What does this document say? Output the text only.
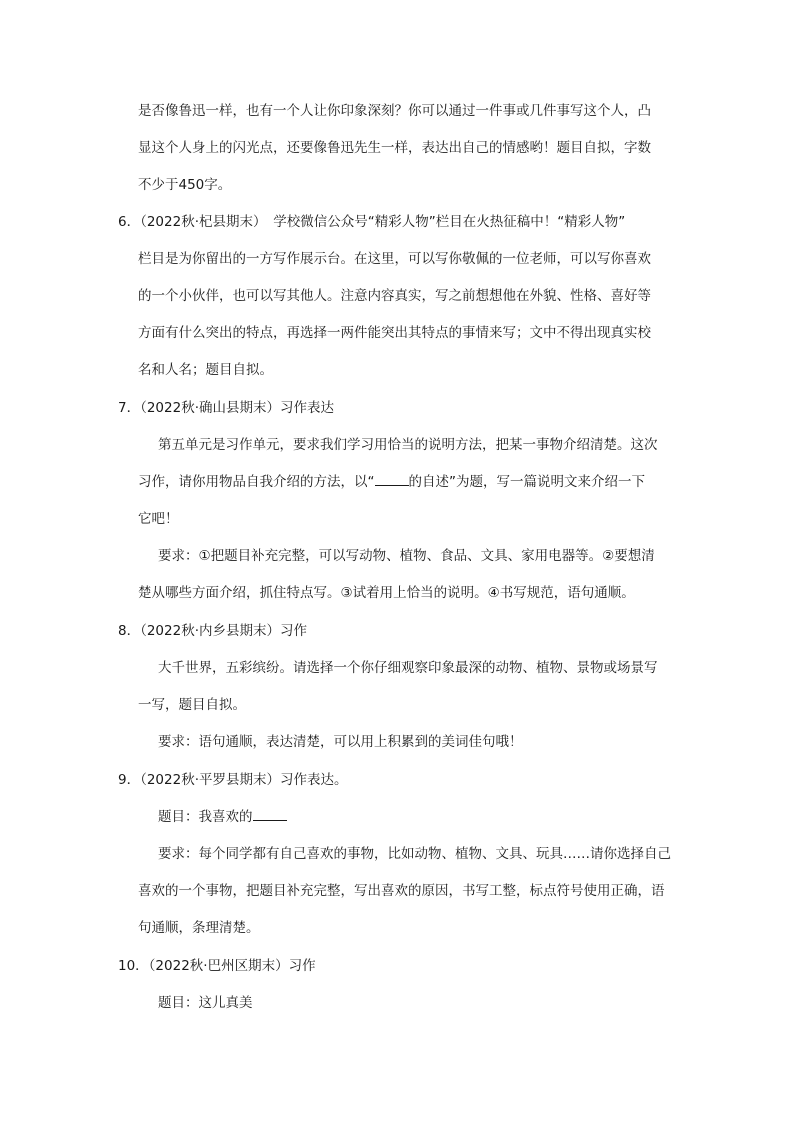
是否像鲁迅一样，也有一个人让你印象深刻？你可以通过一件事或几件事写这个人，凸
显这个人身上的闪光点，还要像鲁迅先生一样，表达出自己的情感哟！题目自拟，字数
不少于450字。
6．（2022秋·杞县期末）　学校微信公众号“精彩人物”栏目在火热征稿中！“精彩人物”
栏目是为你留出的一方写作展示台。在这里，可以写你敬佩的一位老师，可以写你喜欢
的一个小伙伴，也可以写其他人。注意内容真实，写之前想想他在外貌、性格、喜好等
方面有什么突出的特点，再选择一两件能突出其特点的事情来写；文中不得出现真实校
名和人名；题目自拟。
7．（2022秋·确山县期末）习作表达
第五单元是习作单元，要求我们学习用恰当的说明方法，把某一事物介绍清楚。这次
习作，请你用物品自我介绍的方法，以“	的自述”为题，写一篇说明文来介绍一下
它吧！
要求：①把题目补充完整，可以写动物、植物、食品、文具、家用电器等。②要想清
楚从哪些方面介绍，抓住特点写。③试着用上恰当的说明。④书写规范，语句通顺。
8．（2022秋·内乡县期末）习作
大千世界，五彩缤纷。请选择一个你仔细观察印象最深的动物、植物、景物或场景写
一写，题目自拟。
要求：语句通顺，表达清楚，可以用上积累到的美词佳句哦！
9．（2022秋·平罗县期末）习作表达。
题目：我喜欢的
要求：每个同学都有自己喜欢的事物，比如动物、植物、文具、玩具……请你选择自己
喜欢的一个事物，把题目补充完整，写出喜欢的原因，书写工整，标点符号使用正确，语
句通顺，条理清楚。
10．（2022秋·巴州区期末）习作
题目：这儿真美
